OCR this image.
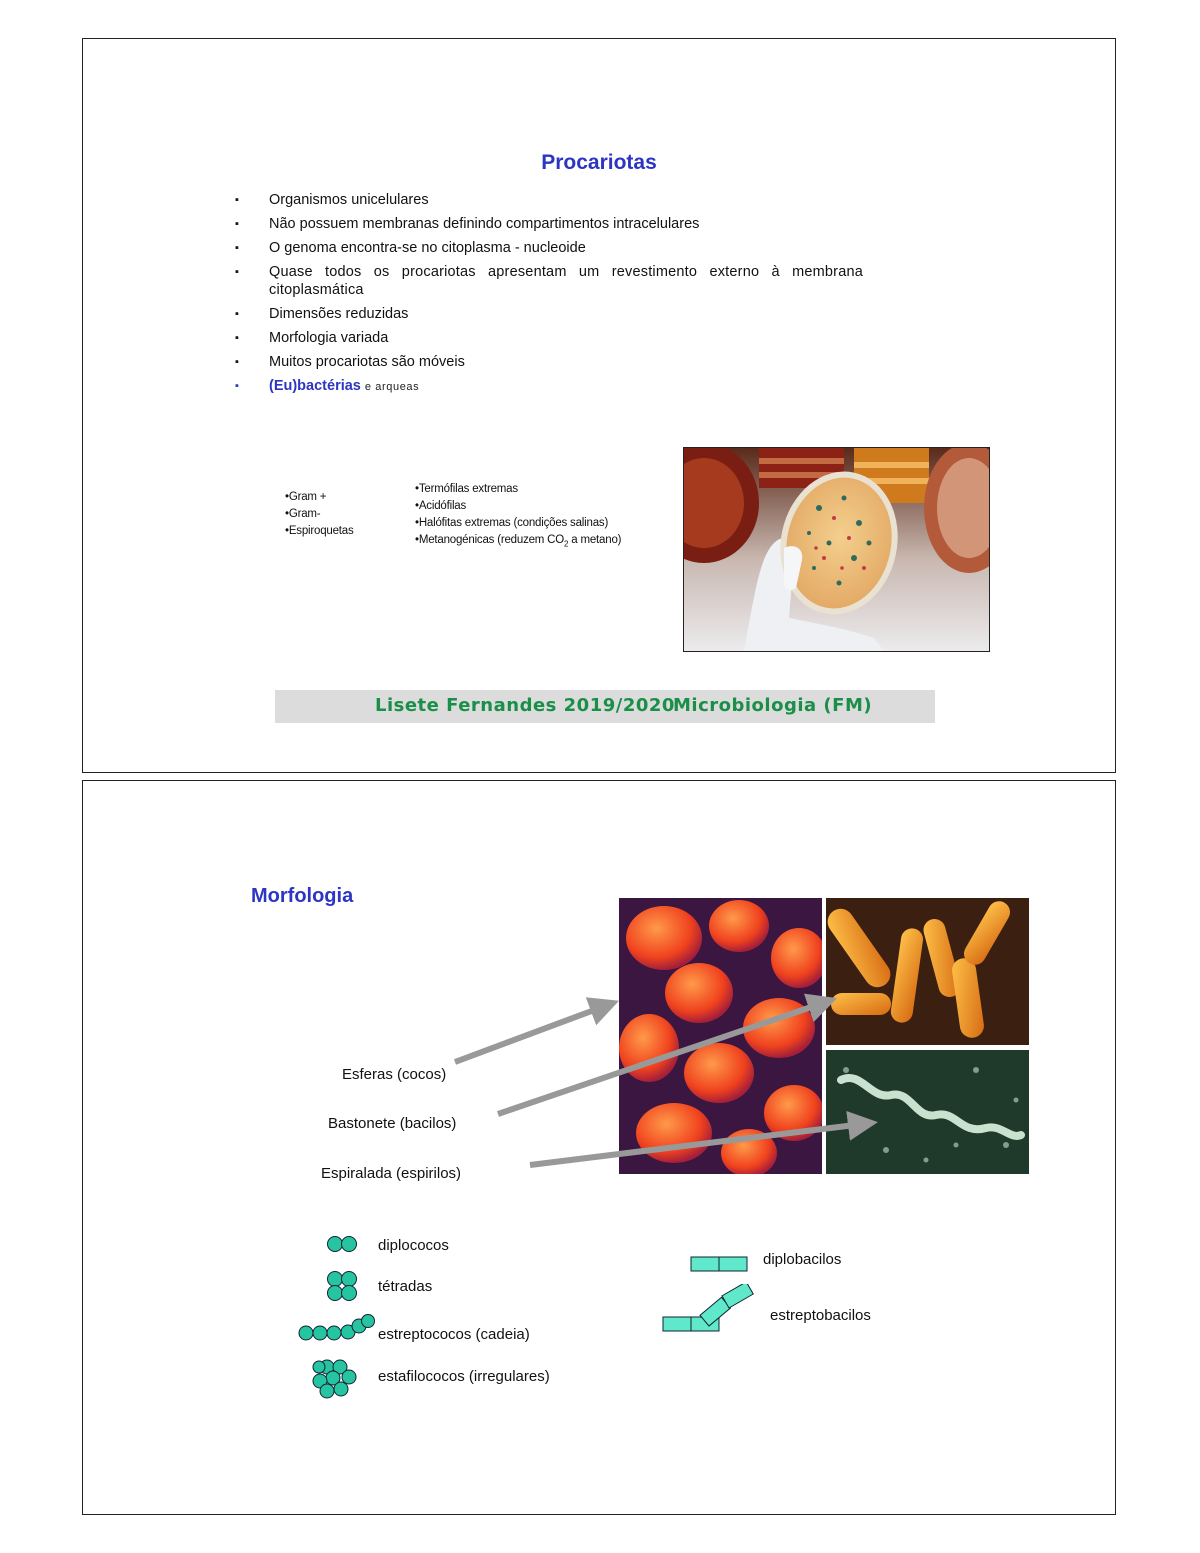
Procariotas
▪ Organismos unicelulares
▪ Não possuem membranas definindo compartimentos intracelulares
▪ O genoma encontra-se no citoplasma - nucleoide
▪ Quase todos os procariotas apresentam um revestimento externo à membrana citoplasmática
▪ Dimensões reduzidas
▪ Morfologia variada
▪ Muitos procariotas são móveis
▪ (Eu)bactérias e arqueas
• Gram +
• Gram-
• Espiroquetas
• Termófilas extremas
• Acidófilas
• Halófitas extremas (condições salinas)
• Metanogénicas (reduzem $CO_2$ a metano)
Lisete Fernandes 2019/2020
Microbiologia (FM)
Morfologia
Esferas (cocos)
Bastonete (bacilos)
Espiralada (espirilos)
diplococos
tétradas
estreptococos (cadeia)
estafilococos (irregulares)
diplobacilos
estreptobacilos
